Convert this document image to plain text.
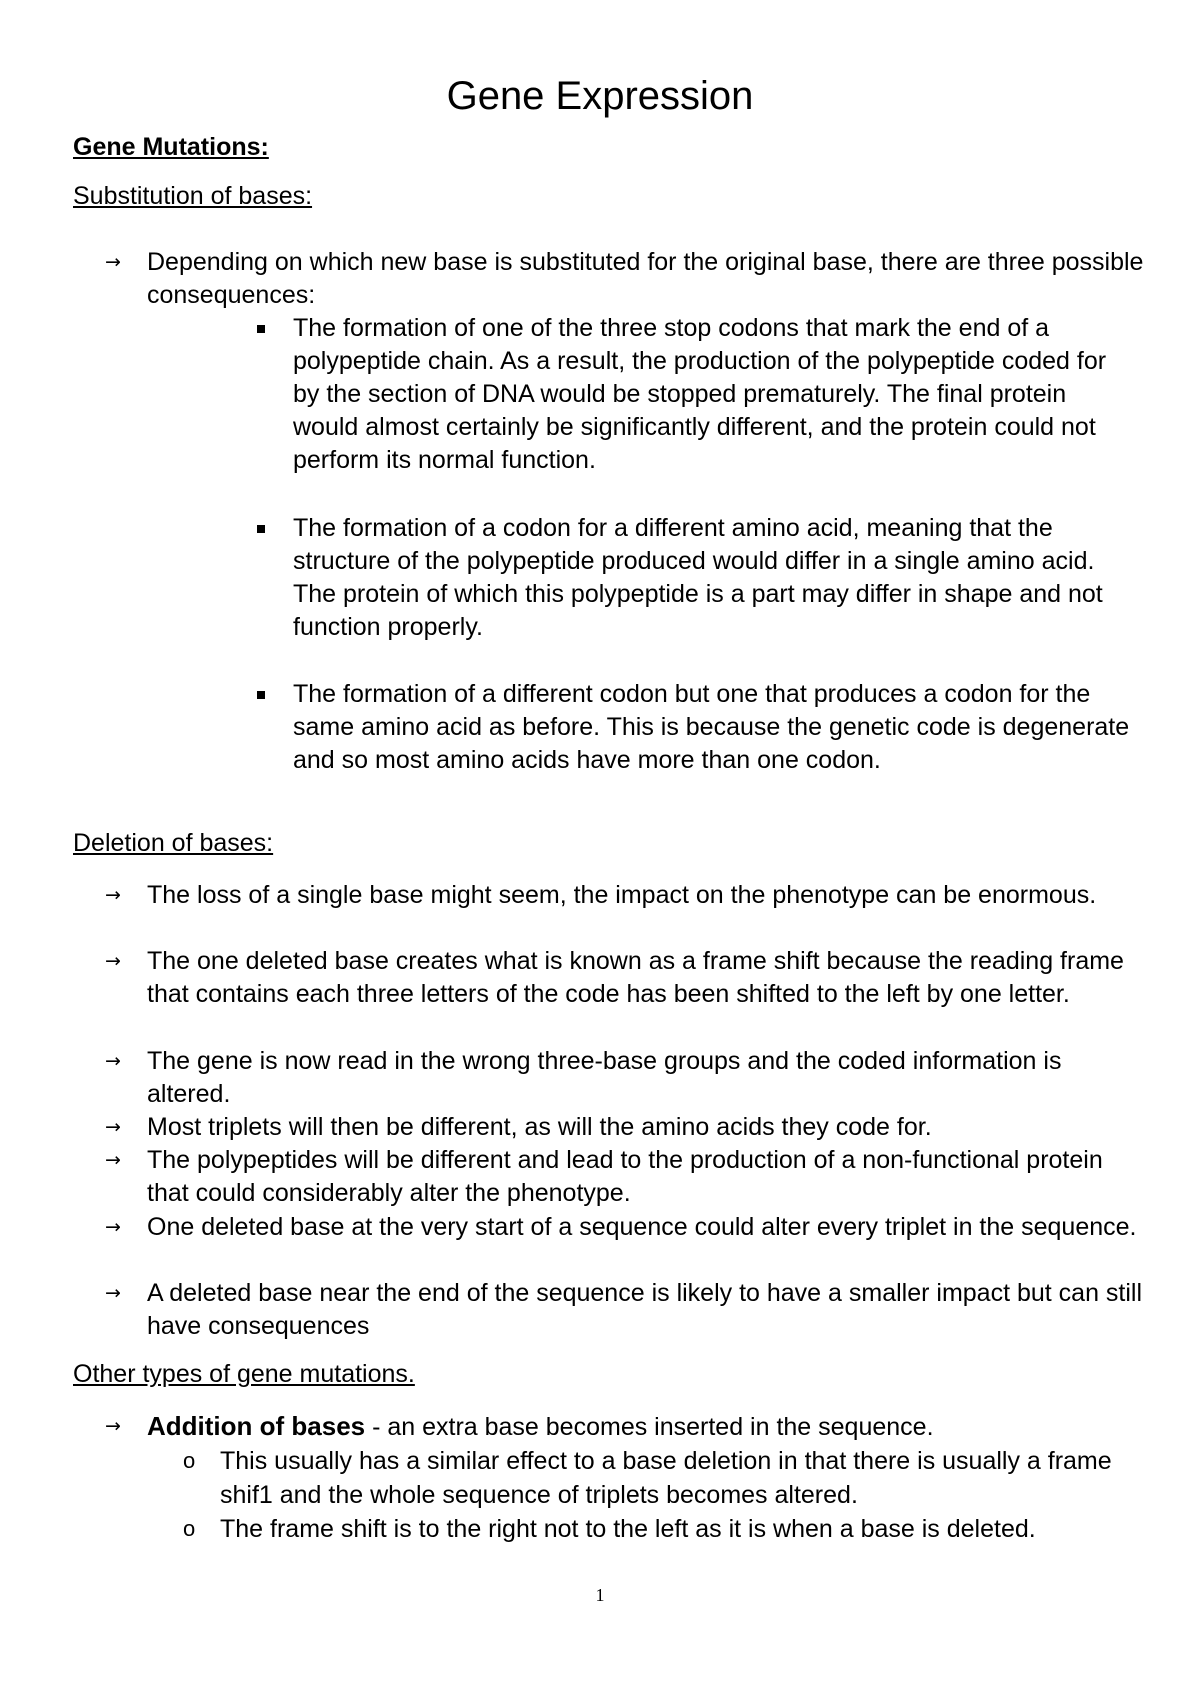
Gene Expression
Gene Mutations:
Substitution of bases:
→	Depending on which new base is substituted for the original base, there are three possible consequences:
The formation of one of the three stop codons that mark the end of a polypeptide chain. As a result, the production of the polypeptide coded for by the section of DNA would be stopped prematurely. The final protein would almost certainly be significantly different, and the protein could not perform its normal function.
The formation of a codon for a different amino acid, meaning that the structure of the polypeptide produced would differ in a single amino acid. The protein of which this polypeptide is a part may differ in shape and not function properly.
The formation of a different codon but one that produces a codon for the same amino acid as before. This is because the genetic code is degenerate and so most amino acids have more than one codon.
Deletion of bases:
→	The loss of a single base might seem, the impact on the phenotype can be enormous.
→	The one deleted base creates what is known as a frame shift because the reading frame that contains each three letters of the code has been shifted to the left by one letter.
→	The gene is now read in the wrong three-base groups and the coded information is altered.
→	Most triplets will then be different, as will the amino acids they code for.
→	The polypeptides will be different and lead to the production of a non-functional protein that could considerably alter the phenotype.
→	One deleted base at the very start of a sequence could alter every triplet in the sequence.
→	A deleted base near the end of the sequence is likely to have a smaller impact but can still have consequences
Other types of gene mutations.
→	Addition of bases - an extra base becomes inserted in the sequence.
o This usually has a similar effect to a base deletion in that there is usually a frame shif1 and the whole sequence of triplets becomes altered.
o The frame shift is to the right not to the left as it is when a base is deleted.
1
